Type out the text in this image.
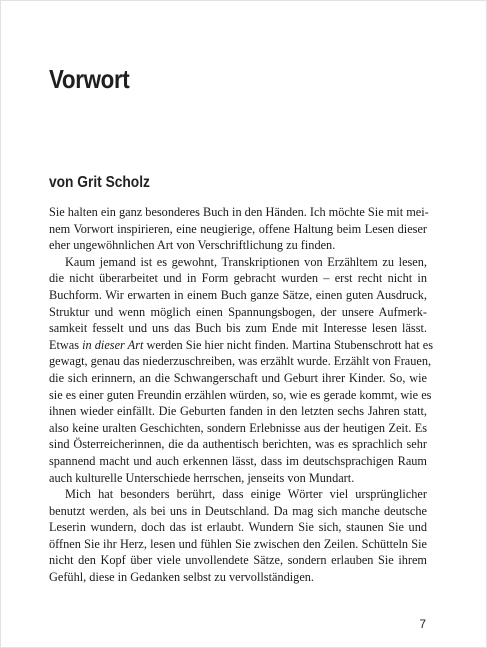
Vorwort
von Grit Scholz

Sie halten ein ganz besonderes Buch in den Händen. Ich möchte Sie mit mei-
nem Vorwort inspirieren, eine neugierige, offene Haltung beim Lesen dieser
eher ungewöhnlichen Art von Verschriftlichung zu finden.

Kaum jemand ist es gewohnt, Transkriptionen von Erzähltem zu lesen,
die nicht überarbeitet und in Form gebracht wurden – erst recht nicht in
Buchform. Wir erwarten in einem Buch ganze Sätze, einen guten Ausdruck,
Struktur und wenn möglich einen Spannungsbogen, der unsere Aufmerk-
samkeit fesselt und uns das Buch bis zum Ende mit Interesse lesen lässt.
Etwas in dieser Art werden Sie hier nicht finden. Martina Stubenschrott hat es
gewagt, genau das niederzuschreiben, was erzählt wurde. Erzählt von Frauen,
die sich erinnern, an die Schwangerschaft und Geburt ihrer Kinder. So, wie
sie es einer guten Freundin erzählen würden, so, wie es gerade kommt, wie es
ihnen wieder einfällt. Die Geburten fanden in den letzten sechs Jahren statt,
also keine uralten Geschichten, sondern Erlebnisse aus der heutigen Zeit. Es
sind Österreicherinnen, die da authentisch berichten, was es sprachlich sehr
spannend macht und auch erkennen lässt, dass im deutschsprachigen Raum
auch kulturelle Unterschiede herrschen, jenseits von Mundart.

Mich hat besonders berührt, dass einige Wörter viel ursprünglicher
benutzt werden, als bei uns in Deutschland. Da mag sich manche deutsche
Leserin wundern, doch das ist erlaubt. Wundern Sie sich, staunen Sie und
öffnen Sie ihr Herz, lesen und fühlen Sie zwischen den Zeilen. Schütteln Sie
nicht den Kopf über viele unvollendete Sätze, sondern erlauben Sie ihrem
Gefühl, diese in Gedanken selbst zu vervollständigen.

7
